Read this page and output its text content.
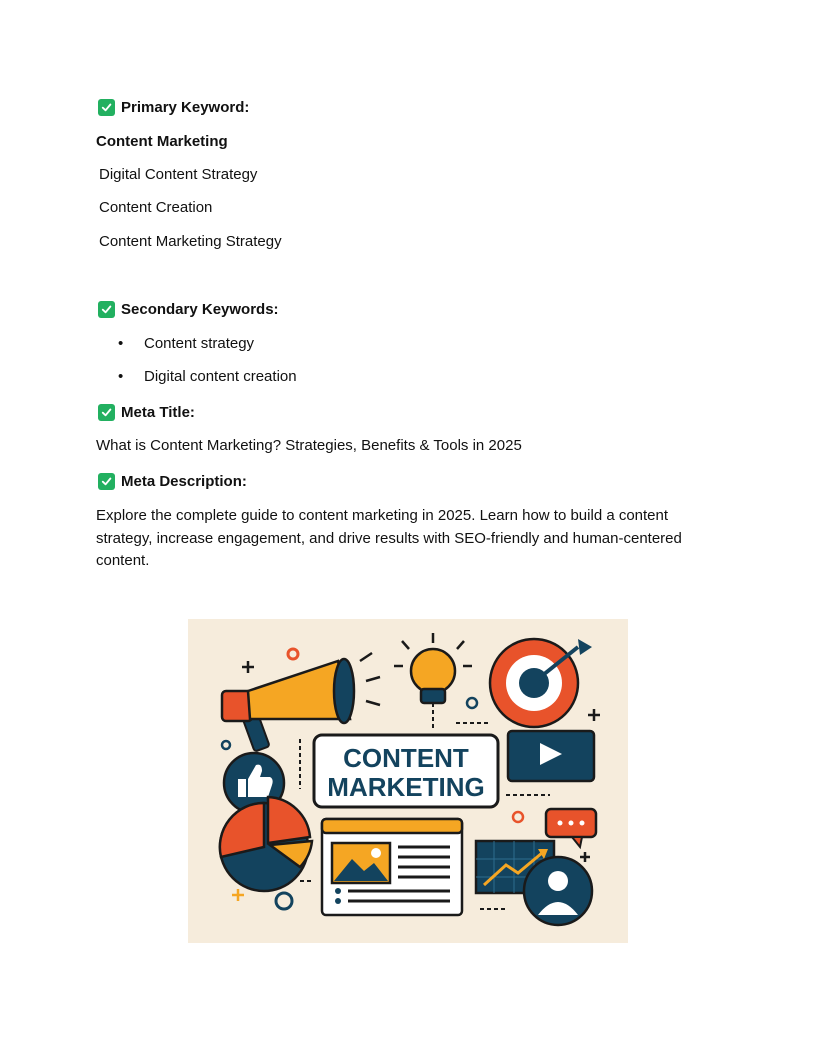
Primary Keyword:
Content Marketing
Digital Content Strategy
Content Creation
Content Marketing Strategy
Secondary Keywords:
•	Content strategy
•	Digital content creation
Meta Title:
What is Content Marketing? Strategies, Benefits & Tools in 2025
Meta Description:
Explore the complete guide to content marketing in 2025. Learn how to build a content strategy, increase engagement, and drive results with SEO-friendly and human-centered content.
CONTENT
MARKETING
